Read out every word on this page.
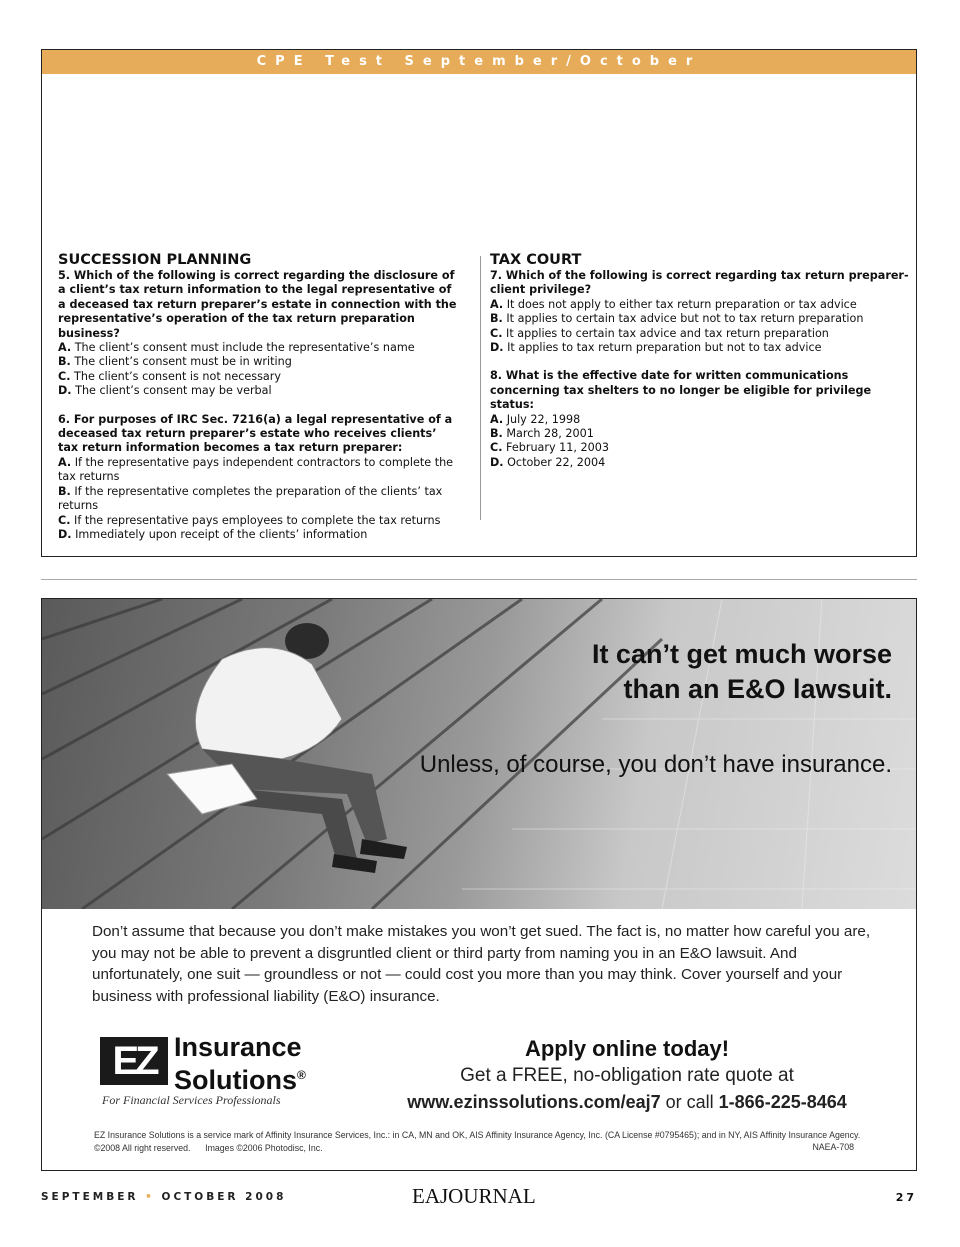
CPE Test September/October
SUCCESSION PLANNING
5. Which of the following is correct regarding the disclosure of a client’s tax return information to the legal representative of a deceased tax return preparer’s estate in connection with the representative’s operation of the tax return preparation business?
A. The client’s consent must include the representative’s name
B. The client’s consent must be in writing
C. The client’s consent is not necessary
D. The client’s consent may be verbal
6. For purposes of IRC Sec. 7216(a) a legal representative of a deceased tax return preparer’s estate who receives clients’ tax return information becomes a tax return preparer:
A. If the representative pays independent contractors to complete the tax returns
B. If the representative completes the preparation of the clients’ tax returns
C. If the representative pays employees to complete the tax returns
D. Immediately upon receipt of the clients’ information
TAX COURT
7. Which of the following is correct regarding tax return preparer-client privilege?
A. It does not apply to either tax return preparation or tax advice
B. It applies to certain tax advice but not to tax return preparation
C. It applies to certain tax advice and tax return preparation
D. It applies to tax return preparation but not to tax advice
8. What is the effective date for written communications concerning tax shelters to no longer be eligible for privilege status:
A. July 22, 1998
B. March 28, 2001
C. February 11, 2003
D. October 22, 2004
It can’t get much worse
than an E&O lawsuit.
Unless, of course, you don’t have insurance.
Don’t assume that because you don’t make mistakes you won’t get sued. The fact is, no matter how careful you are, you may not be able to prevent a disgruntled client or third party from naming you in an E&O lawsuit. And unfortunately, one suit — groundless or not — could cost you more than you may think. Cover yourself and your business with professional liability (E&O) insurance.
EZ Insurance
Solutions®
For Financial Services Professionals
Apply online today!
Get a FREE, no-obligation rate quote at
www.ezinssolutions.com/eaj7 or call 1-866-225-8464
EZ Insurance Solutions is a service mark of Affinity Insurance Services, Inc.: in CA, MN and OK, AIS Affinity Insurance Agency, Inc. (CA License #0795465); and in NY, AIS Affinity Insurance Agency.
©2008 All right reserved.      Images ©2006 Photodisc, Inc.	NAEA-708
SEPTEMBER • OCTOBER 2008	EAJOURNAL	27
